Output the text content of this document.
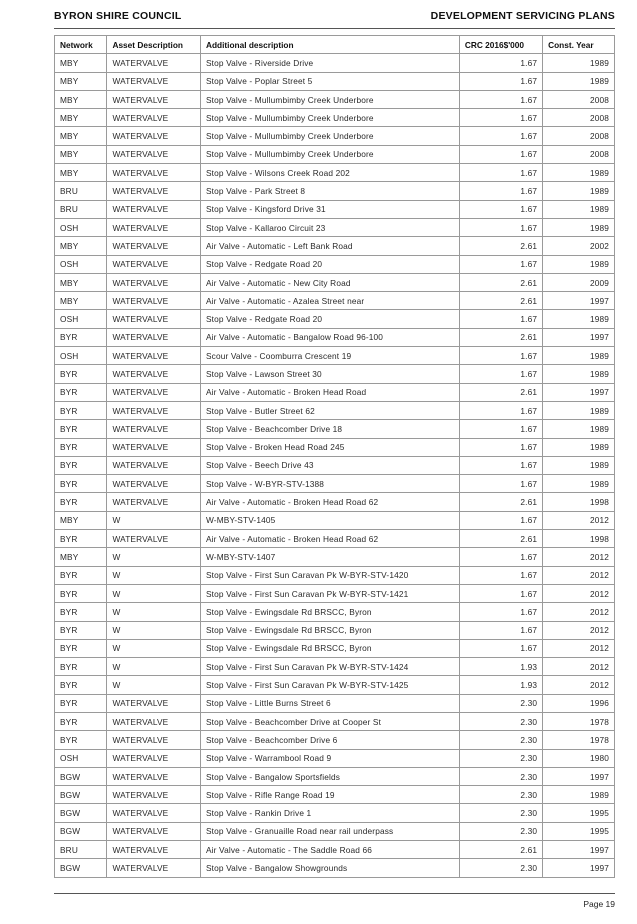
BYRON SHIRE COUNCIL	DEVELOPMENT SERVICING PLANS
Network	Asset Description	Additional description	CRC 2016$'000	Const. Year
MBY	WATERVALVE	Stop Valve - Riverside Drive	1.67	1989
MBY	WATERVALVE	Stop Valve - Poplar Street 5	1.67	1989
MBY	WATERVALVE	Stop Valve - Mullumbimby Creek Underbore	1.67	2008
MBY	WATERVALVE	Stop Valve - Mullumbimby Creek Underbore	1.67	2008
MBY	WATERVALVE	Stop Valve - Mullumbimby Creek Underbore	1.67	2008
MBY	WATERVALVE	Stop Valve - Mullumbimby Creek Underbore	1.67	2008
MBY	WATERVALVE	Stop Valve - Wilsons Creek Road 202	1.67	1989
BRU	WATERVALVE	Stop Valve - Park Street 8	1.67	1989
BRU	WATERVALVE	Stop Valve - Kingsford Drive 31	1.67	1989
OSH	WATERVALVE	Stop Valve - Kallaroo Circuit 23	1.67	1989
MBY	WATERVALVE	Air Valve - Automatic - Left Bank Road	2.61	2002
OSH	WATERVALVE	Stop Valve - Redgate Road 20	1.67	1989
MBY	WATERVALVE	Air Valve - Automatic - New City Road	2.61	2009
MBY	WATERVALVE	Air Valve - Automatic - Azalea Street near	2.61	1997
OSH	WATERVALVE	Stop Valve - Redgate Road 20	1.67	1989
BYR	WATERVALVE	Air Valve - Automatic - Bangalow Road 96-100	2.61	1997
OSH	WATERVALVE	Scour Valve - Coomburra Crescent 19	1.67	1989
BYR	WATERVALVE	Stop Valve - Lawson Street 30	1.67	1989
BYR	WATERVALVE	Air Valve - Automatic - Broken Head Road	2.61	1997
BYR	WATERVALVE	Stop Valve - Butler Street 62	1.67	1989
BYR	WATERVALVE	Stop Valve - Beachcomber Drive 18	1.67	1989
BYR	WATERVALVE	Stop Valve - Broken Head Road 245	1.67	1989
BYR	WATERVALVE	Stop Valve - Beech Drive 43	1.67	1989
BYR	WATERVALVE	Stop Valve - W-BYR-STV-1388	1.67	1989
BYR	WATERVALVE	Air Valve - Automatic - Broken Head Road 62	2.61	1998
MBY	W	W-MBY-STV-1405	1.67	2012
BYR	WATERVALVE	Air Valve - Automatic - Broken Head Road 62	2.61	1998
MBY	W	W-MBY-STV-1407	1.67	2012
BYR	W	Stop Valve - First Sun Caravan Pk W-BYR-STV-1420	1.67	2012
BYR	W	Stop Valve - First Sun Caravan Pk W-BYR-STV-1421	1.67	2012
BYR	W	Stop Valve - Ewingsdale Rd BRSCC, Byron	1.67	2012
BYR	W	Stop Valve - Ewingsdale Rd BRSCC, Byron	1.67	2012
BYR	W	Stop Valve - Ewingsdale Rd BRSCC, Byron	1.67	2012
BYR	W	Stop Valve - First Sun Caravan Pk W-BYR-STV-1424	1.93	2012
BYR	W	Stop Valve - First Sun Caravan Pk W-BYR-STV-1425	1.93	2012
BYR	WATERVALVE	Stop Valve - Little Burns Street 6	2.30	1996
BYR	WATERVALVE	Stop Valve - Beachcomber Drive at Cooper St	2.30	1978
BYR	WATERVALVE	Stop Valve - Beachcomber Drive 6	2.30	1978
OSH	WATERVALVE	Stop Valve - Warrambool Road 9	2.30	1980
BGW	WATERVALVE	Stop Valve - Bangalow Sportsfields	2.30	1997
BGW	WATERVALVE	Stop Valve - Rifle Range Road 19	2.30	1989
BGW	WATERVALVE	Stop Valve - Rankin Drive 1	2.30	1995
BGW	WATERVALVE	Stop Valve - Granuaille Road near rail underpass	2.30	1995
BRU	WATERVALVE	Air Valve - Automatic - The Saddle Road 66	2.61	1997
BGW	WATERVALVE	Stop Valve - Bangalow Showgrounds	2.30	1997
Page 19
